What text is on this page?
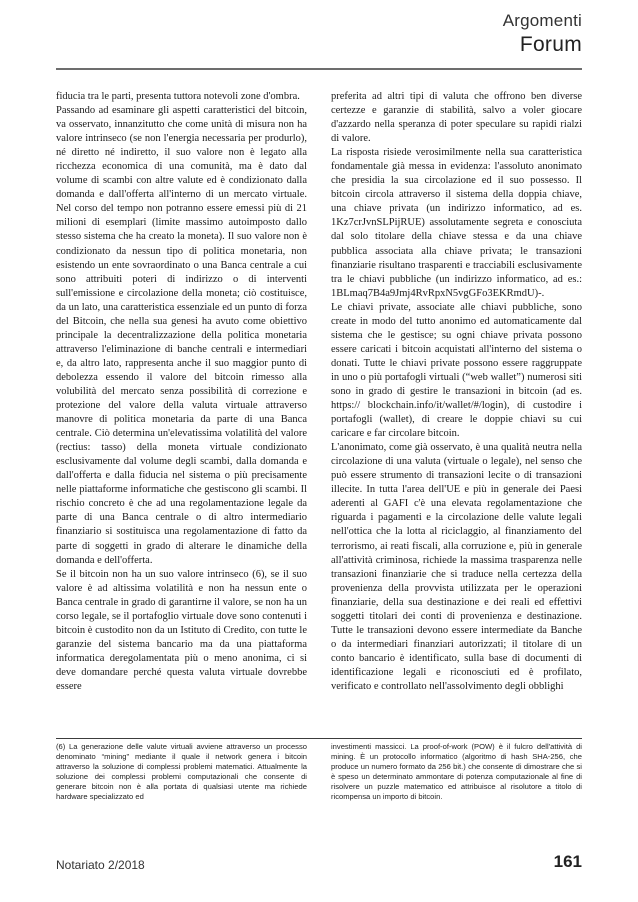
Argomenti
Forum

fiducia tra le parti, presenta tuttora notevoli zone d'ombra.

Passando ad esaminare gli aspetti caratteristici del bitcoin, va osservato, innanzitutto che come unità di misura non ha valore intrinseco (se non l'energia necessaria per produrlo), né diretto né indiretto, il suo valore non è legato alla ricchezza economica di una comunità, ma è dato dal volume di scambi con altre valute ed è condizionato dalla domanda e dall'offerta all'interno di un mercato virtuale. Nel corso del tempo non potranno essere emessi più di 21 milioni di esemplari (limite massimo autoimposto dallo stesso sistema che ha creato la moneta). Il suo valore non è condizionato da nessun tipo di politica monetaria, non esistendo un ente sovraordinato o una Banca centrale a cui sono attribuiti poteri di indirizzo o di interventi sull'emissione e circolazione della moneta; ciò costituisce, da un lato, una caratteristica essenziale ed un punto di forza del Bitcoin, che nella sua genesi ha avuto come obiettivo principale la decentralizzazione della politica monetaria attraverso l'eliminazione di banche centrali e intermediari e, da altro lato, rappresenta anche il suo maggior punto di debolezza essendo il valore del bitcoin rimesso alla volubilità del mercato senza possibilità di correzione e protezione del valore della valuta virtuale attraverso manovre di politica monetaria da parte di una Banca centrale. Ciò determina un'elevatissima volatilità del valore (rectius: tasso) della moneta virtuale condizionato esclusivamente dal volume degli scambi, dalla domanda e dall'offerta e dalla fiducia nel sistema o più precisamente nelle piattaforme informatiche che gestiscono gli scambi. Il rischio concreto è che ad una regolamentazione legale da parte di una Banca centrale o di altro intermediario finanziario si sostituisca una regolamentazione di fatto da parte di soggetti in grado di alterare le dinamiche della domanda e dell'offerta.

Se il bitcoin non ha un suo valore intrinseco (6), se il suo valore è ad altissima volatilità e non ha nessun ente o Banca centrale in grado di garantirne il valore, se non ha un corso legale, se il portafoglio virtuale dove sono contenuti i bitcoin è custodito non da un Istituto di Credito, con tutte le garanzie del sistema bancario ma da una piattaforma informatica deregolamentata più o meno anonima, ci si deve domandare perché questa valuta virtuale dovrebbe essere

preferita ad altri tipi di valuta che offrono ben diverse certezze e garanzie di stabilità, salvo a voler giocare d'azzardo nella speranza di poter speculare su rapidi rialzi di valore.

La risposta risiede verosimilmente nella sua caratteristica fondamentale già messa in evidenza: l'assoluto anonimato che presidia la sua circolazione ed il suo possesso. Il bitcoin circola attraverso il sistema della doppia chiave, una chiave privata (un indirizzo informatico, ad es. 1Kz7crJvnSLPijRUE) assolutamente segreta e conosciuta dal solo titolare della chiave stessa e da una chiave pubblica associata alla chiave privata; le transazioni finanziarie risultano trasparenti e tracciabili esclusivamente tra le chiavi pubbliche (un indirizzo informatico, ad es.: 1BLmaq7B4a9Jmj4RvRpxN5vgGFo3EKRmdU)-.

Le chiavi private, associate alle chiavi pubbliche, sono create in modo del tutto anonimo ed automaticamente dal sistema che le gestisce; su ogni chiave privata possono essere caricati i bitcoin acquistati all'interno del sistema o donati. Tutte le chiavi private possono essere raggruppate in uno o più portafogli virtuali (“web wallet”) numerosi siti sono in grado di gestire le transazioni in bitcoin (ad es. https:// blockchain.info/it/wallet/#/login), di custodire i portafogli (wallet), di creare le doppie chiavi su cui caricare e far circolare bitcoin.

L'anonimato, come già osservato, è una qualità neutra nella circolazione di una valuta (virtuale o legale), nel senso che può essere strumento di transazioni lecite o di transazioni illecite. In tutta l'area dell'UE e più in generale dei Paesi aderenti al GAFI c'è una elevata regolamentazione che riguarda i pagamenti e la circolazione delle valute legali nell'ottica che la lotta al riciclaggio, al finanziamento del terrorismo, ai reati fiscali, alla corruzione e, più in generale all'attività criminosa, richiede la massima trasparenza nelle transazioni finanziarie che si traduce nella certezza della provenienza della provvista utilizzata per le operazioni finanziarie, della sua destinazione e dei reali ed effettivi soggetti titolari dei conti di provenienza e destinazione. Tutte le transazioni devono essere intermediate da Banche o da intermediari finanziari autorizzati; il titolare di un conto bancario è identificato, sulla base di documenti di identificazione legali e riconosciuti ed è profilato, verificato e controllato nell'assolvimento degli obblighi

(6) La generazione delle valute virtuali avviene attraverso un processo denominato “mining” mediante il quale il network genera i bitcoin attraverso la soluzione di complessi problemi matematici. Attualmente la soluzione dei complessi problemi computazionali che consente di generare bitcoin non è alla portata di qualsiasi utente ma richiede hardware specializzato ed
investimenti massicci. La proof-of-work (POW) è il fulcro dell'attività di mining. È un protocollo informatico (algoritmo di hash SHA-256, che produce un numero formato da 256 bit.) che consente di dimostrare che si è speso un determinato ammontare di potenza computazionale al fine di risolvere un puzzle matematico ed attribuisce al risolutore a titolo di ricompensa un importo di bitcoin.
Notariato 2/2018	161
